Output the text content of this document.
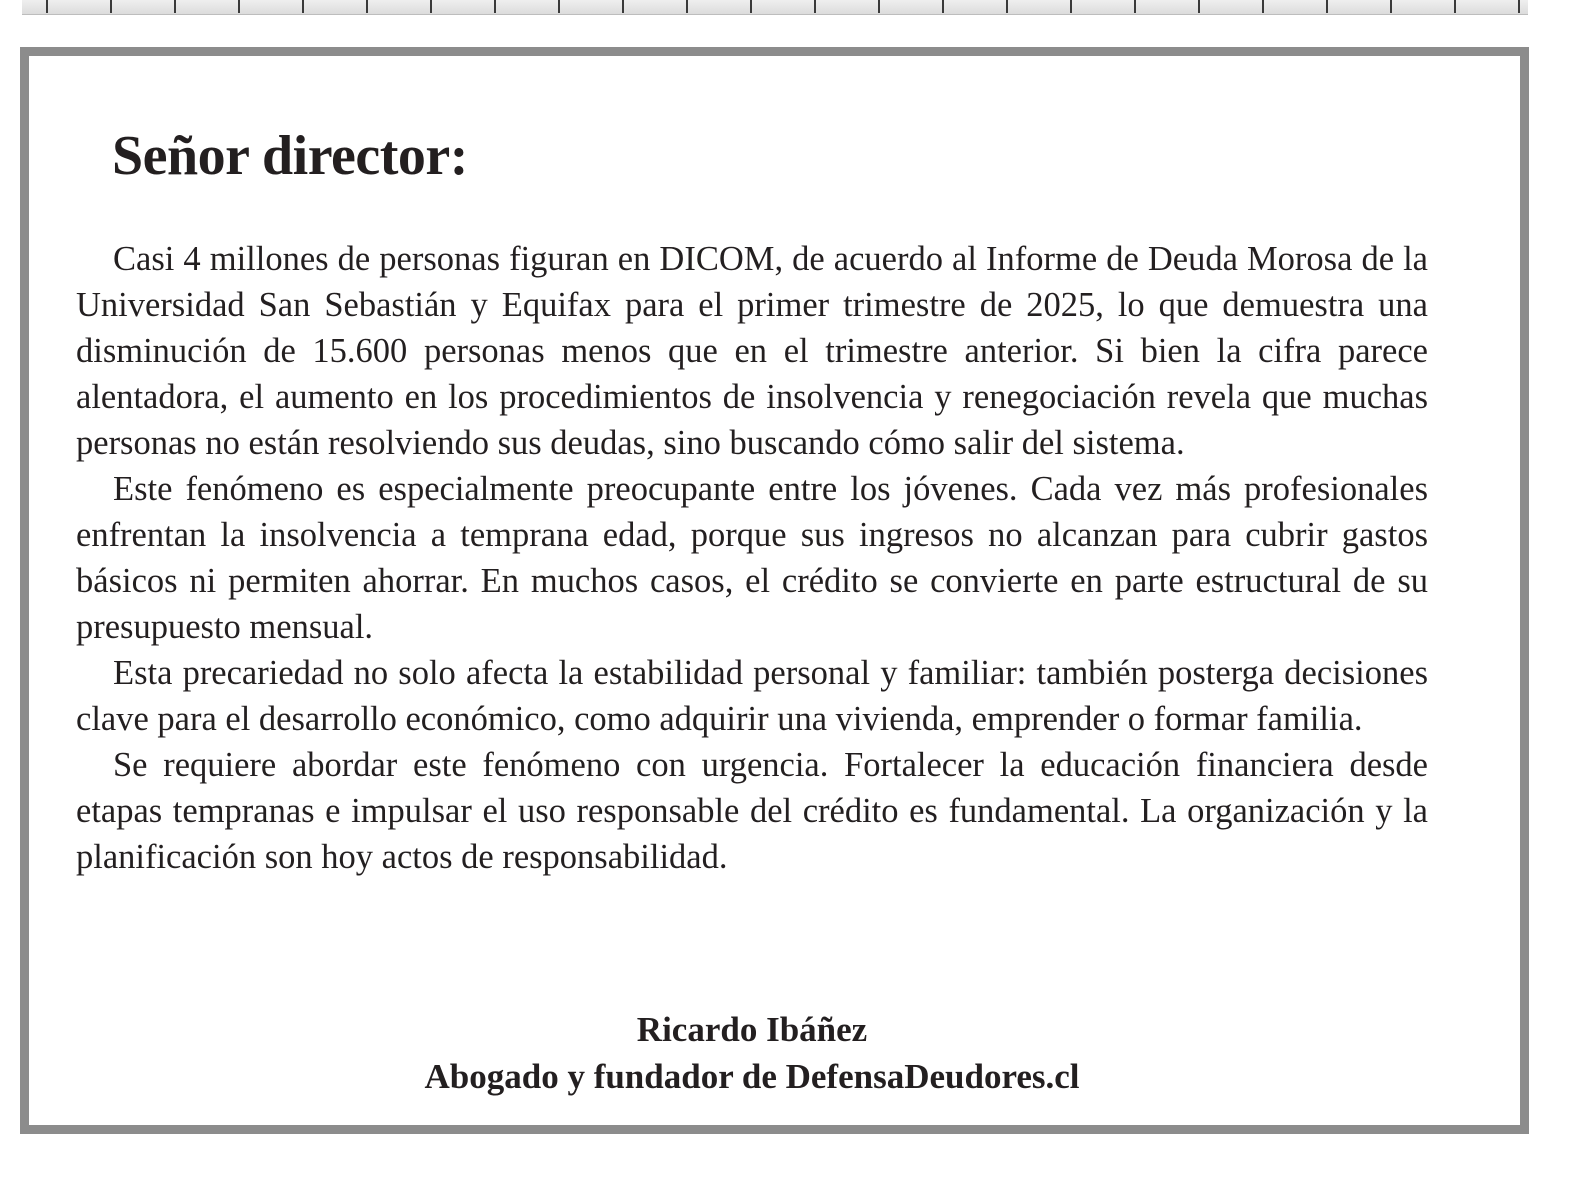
Señor director:

Casi 4 millones de personas figuran en DICOM, de acuerdo al Informe de Deuda Morosa de la Universidad San Sebastián y Equifax para el primer trimestre de 2025, lo que demuestra una disminución de 15.600 personas menos que en el trimestre anterior. Si bien la cifra parece alentadora, el aumento en los procedimientos de insolvencia y renegociación revela que muchas personas no están resolviendo sus deudas, sino buscando cómo salir del sistema.

Este fenómeno es especialmente preocupante entre los jóvenes. Cada vez más profesionales enfrentan la insolvencia a temprana edad, porque sus ingresos no alcanzan para cubrir gastos básicos ni permiten ahorrar. En muchos casos, el crédito se convierte en parte estructural de su presupuesto mensual.

Esta precariedad no solo afecta la estabilidad personal y familiar: también posterga decisiones clave para el desarrollo económico, como adquirir una vivienda, emprender o formar familia.

Se requiere abordar este fenómeno con urgencia. Fortalecer la educación financiera desde etapas tempranas e impulsar el uso responsable del crédito es fundamental. La organización y la planificación son hoy actos de responsabilidad.

Ricardo Ibáñez
Abogado y fundador de DefensaDeudores.cl
